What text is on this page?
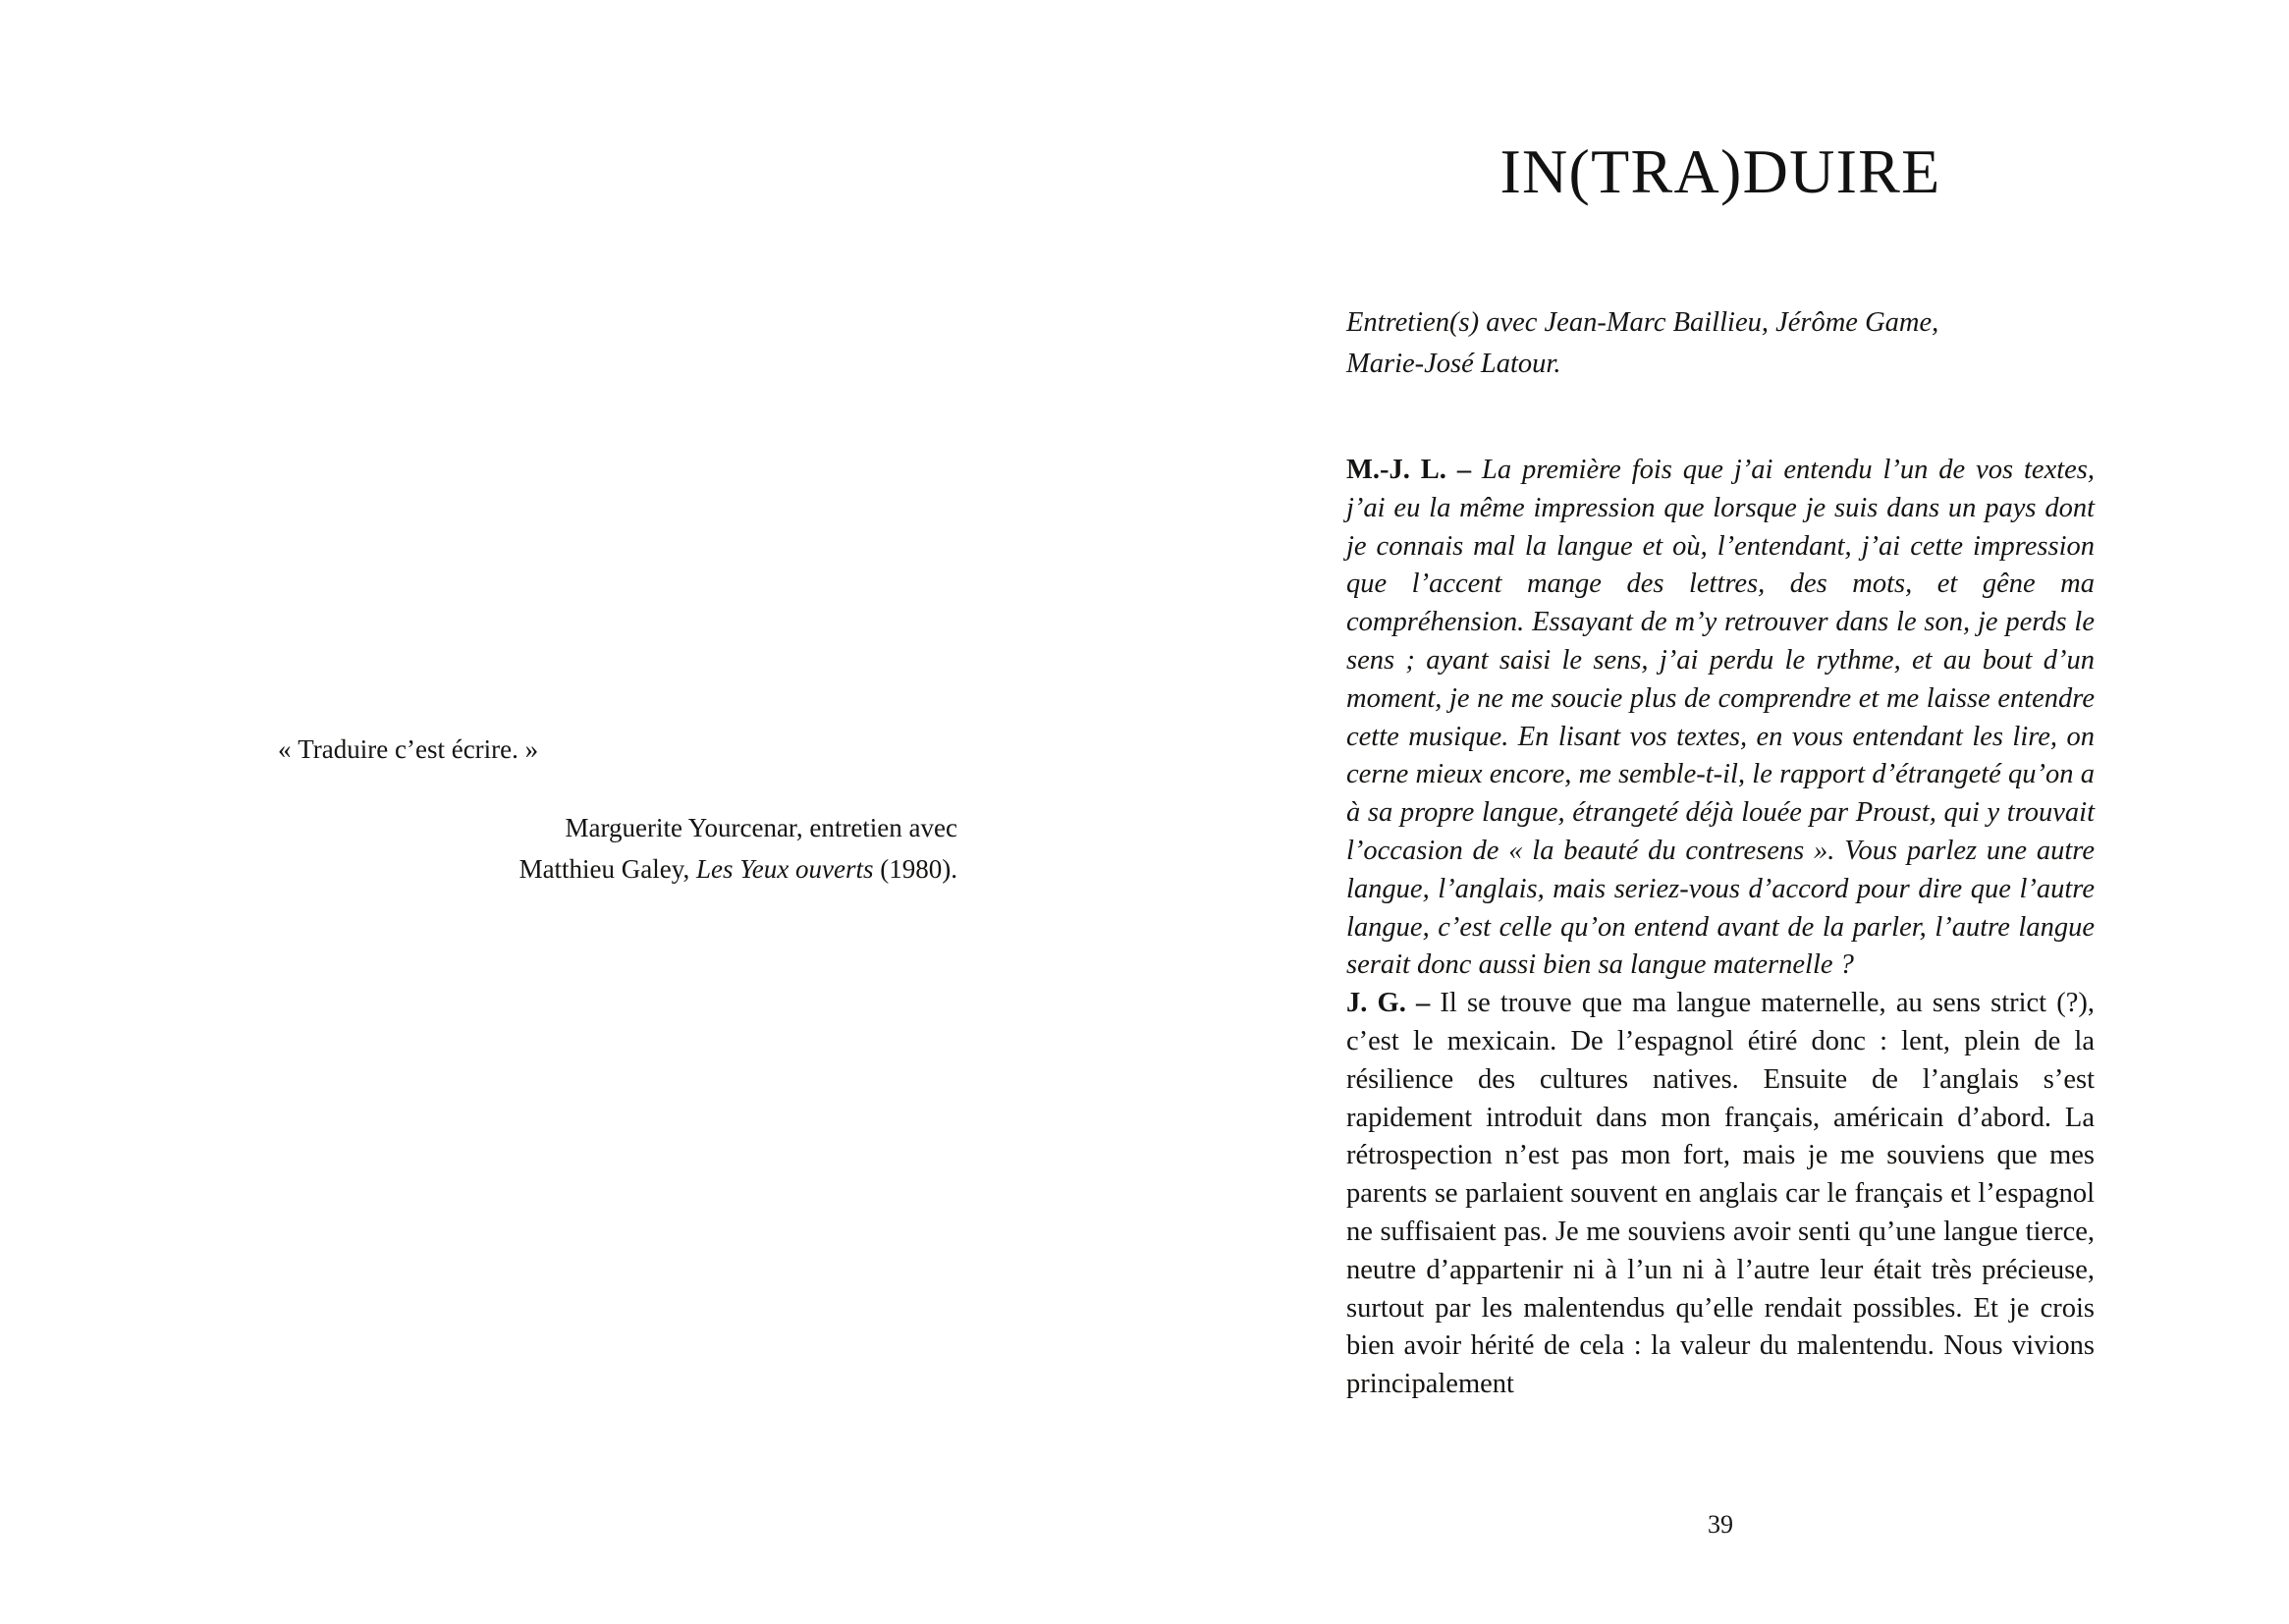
« Traduire c’est écrire. »

Marguerite Yourcenar, entretien avec
Matthieu Galey, Les Yeux ouverts (1980).

IN(TRA)DUIRE

Entretien(s) avec Jean-Marc Baillieu, Jérôme Game,
Marie-José Latour.

M.-J. L. – La première fois que j’ai entendu l’un de vos textes, j’ai eu la même impression que lorsque je suis dans un pays dont je connais mal la langue et où, l’entendant, j’ai cette impression que l’accent mange des lettres, des mots, et gêne ma compréhension. Essayant de m’y retrouver dans le son, je perds le sens ; ayant saisi le sens, j’ai perdu le rythme, et au bout d’un moment, je ne me soucie plus de comprendre et me laisse entendre cette musique. En lisant vos textes, en vous entendant les lire, on cerne mieux encore, me semble-t-il, le rapport d’étrangeté qu’on a à sa propre langue, étrangeté déjà louée par Proust, qui y trouvait l’occasion de « la beauté du contresens ». Vous parlez une autre langue, l’anglais, mais seriez-vous d’accord pour dire que l’autre langue, c’est celle qu’on entend avant de la parler, l’autre langue serait donc aussi bien sa langue maternelle ?

J. G. – Il se trouve que ma langue maternelle, au sens strict (?), c’est le mexicain. De l’espagnol étiré donc : lent, plein de la résilience des cultures natives. Ensuite de l’anglais s’est rapidement introduit dans mon français, américain d’abord. La rétrospection n’est pas mon fort, mais je me souviens que mes parents se parlaient souvent en anglais car le français et l’espagnol ne suffisaient pas. Je me souviens avoir senti qu’une langue tierce, neutre d’appartenir ni à l’un ni à l’autre leur était très précieuse, surtout par les malentendus qu’elle rendait possibles. Et je crois bien avoir hérité de cela : la valeur du malentendu. Nous vivions principalement

39
